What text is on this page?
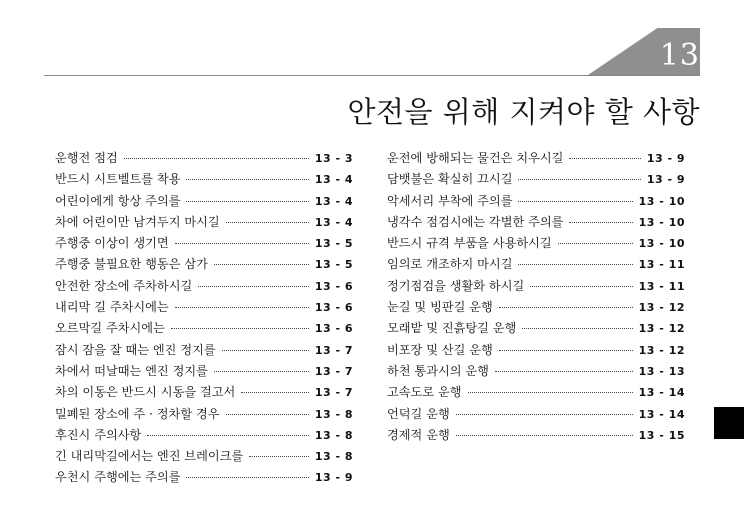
13
안전을 위해 지켜야 할 사항
운행전 점검	13 - 3
반드시 시트벨트를 착용	13 - 4
어린이에게 항상 주의를	13 - 4
차에 어린이만 남겨두지 마시길	13 - 4
주행중 이상이 생기면	13 - 5
주행중 불필요한 행동은 삼가	13 - 5
안전한 장소에 주차하시길	13 - 6
내리막 길 주차시에는	13 - 6
오르막길 주차시에는	13 - 6
잠시 잠을 잘 때는 엔진 정지를	13 - 7
차에서 떠날때는 엔진 정지를	13 - 7
차의 이동은 반드시 시동을 걸고서	13 - 7
밀폐된 장소에 주 · 정차할 경우	13 - 8
후진시 주의사항	13 - 8
긴 내리막길에서는 엔진 브레이크를	13 - 8
우천시 주행에는 주의를	13 - 9
운전에 방해되는 물건은 치우시길	13 - 9
담뱃불은 확실히 끄시길	13 - 9
악세서리 부착에 주의를	13 - 10
냉각수 점검시에는 각별한 주의를	13 - 10
반드시 규격 부품을 사용하시길	13 - 10
임의로 개조하지 마시길	13 - 11
정기점검을 생활화 하시길	13 - 11
눈길 및 빙판길 운행	13 - 12
모래밭 및 진흙탕길 운행	13 - 12
비포장 및 산길 운행	13 - 12
하천 통과시의 운행	13 - 13
고속도로 운행	13 - 14
언덕길 운행	13 - 14
경제적 운행	13 - 15
